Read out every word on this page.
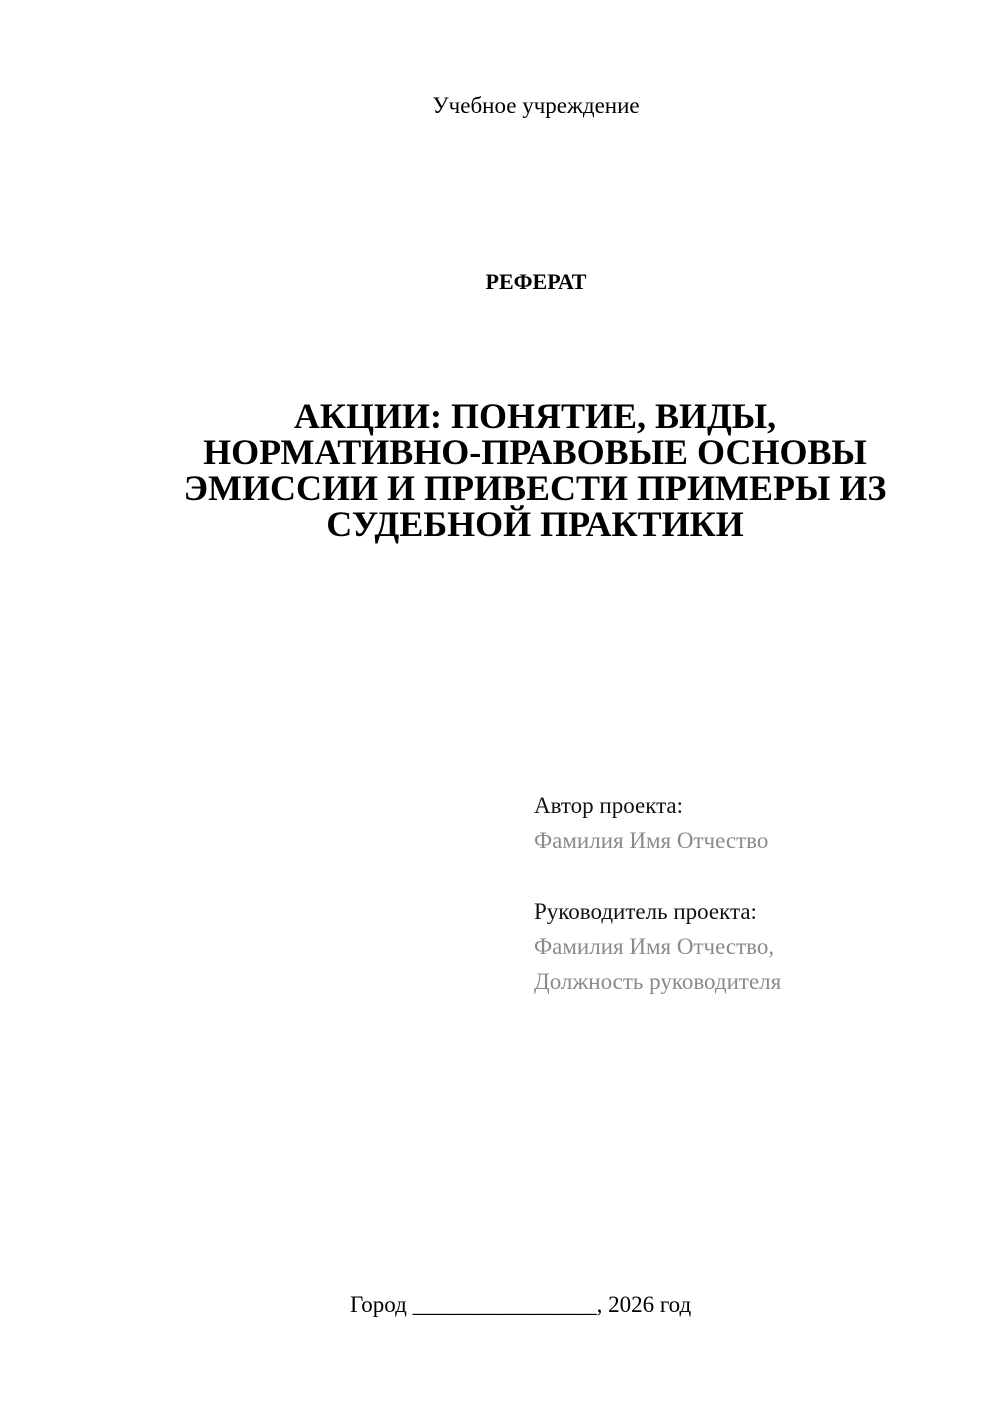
Учебное учреждение
РЕФЕРАТ
АКЦИИ: ПОНЯТИЕ, ВИДЫ,
НОРМАТИВНО-ПРАВОВЫЕ ОСНОВЫ
ЭМИССИИ И ПРИВЕСТИ ПРИМЕРЫ ИЗ
СУДЕБНОЙ ПРАКТИКИ
Автор проекта:
Фамилия Имя Отчество
Руководитель проекта:
Фамилия Имя Отчество,
Должность руководителя
Город ________________, 2026 год
